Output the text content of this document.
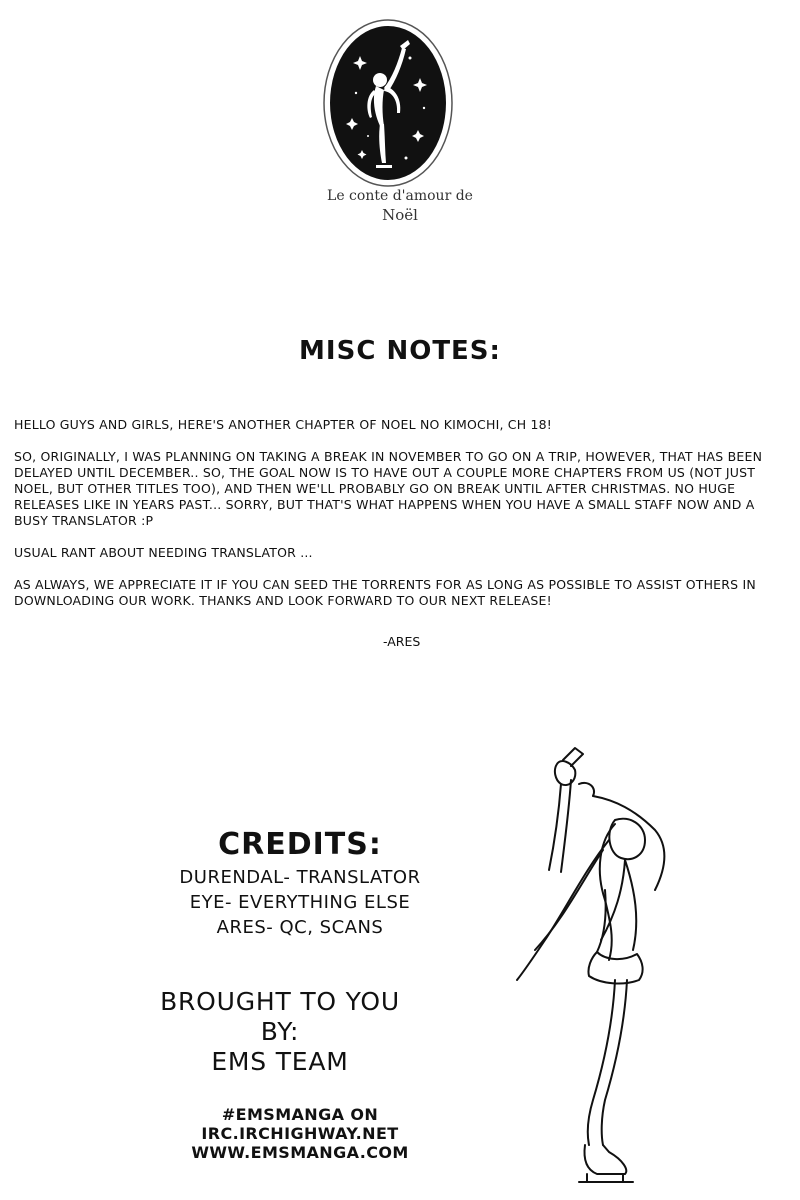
Le conte d'amour de
Noël
MISC NOTES:

HELLO GUYS AND GIRLS, HERE'S ANOTHER CHAPTER OF NOEL NO KIMOCHI, CH 18!

SO, ORIGINALLY, I WAS PLANNING ON TAKING A BREAK IN NOVEMBER TO GO ON A TRIP, HOWEVER, THAT HAS BEEN DELAYED UNTIL DECEMBER.. SO, THE GOAL NOW IS TO HAVE OUT A COUPLE MORE CHAPTERS FROM US (NOT JUST NOEL, BUT OTHER TITLES TOO), AND THEN WE'LL PROBABLY GO ON BREAK UNTIL AFTER CHRISTMAS. NO HUGE RELEASES LIKE IN YEARS PAST... SORRY, BUT THAT'S WHAT HAPPENS WHEN YOU HAVE A SMALL STAFF NOW AND A BUSY TRANSLATOR :P

USUAL RANT ABOUT NEEDING TRANSLATOR ...

AS ALWAYS, WE APPRECIATE IT IF YOU CAN SEED THE TORRENTS FOR AS LONG AS POSSIBLE TO ASSIST OTHERS IN DOWNLOADING OUR WORK. THANKS AND LOOK FORWARD TO OUR NEXT RELEASE!

-ARES
CREDITS:
DURENDAL- TRANSLATOR
EYE- EVERYTHING ELSE
ARES- QC, SCANS
BROUGHT TO YOU
BY:
EMS TEAM
#EMSMANGA ON
IRC.IRCHIGHWAY.NET
WWW.EMSMANGA.COM
